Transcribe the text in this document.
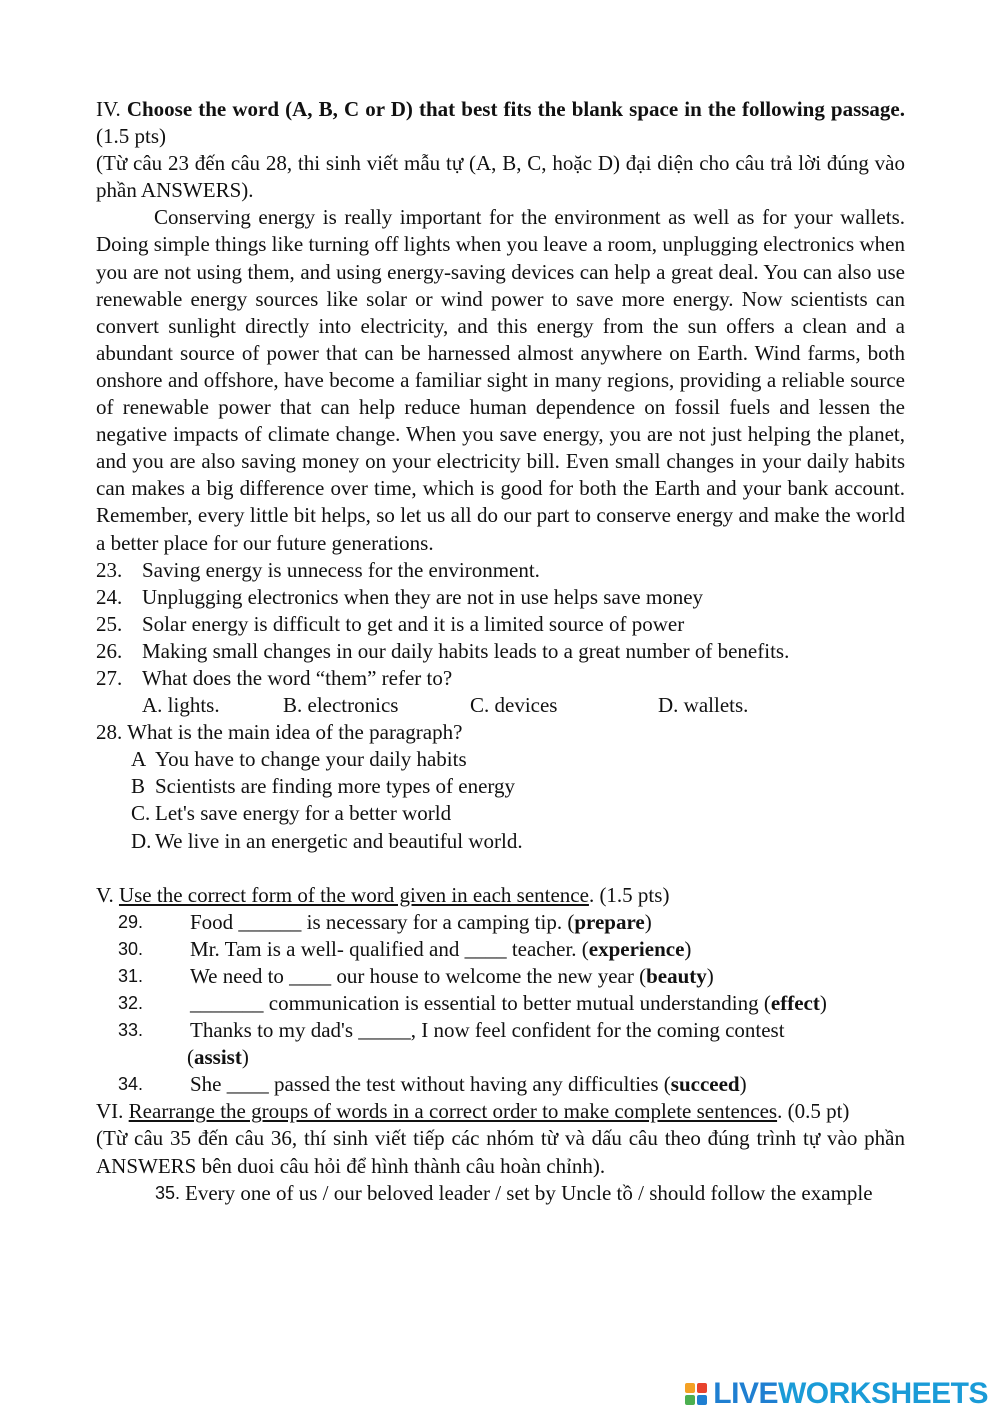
IV. Choose the word (A, B, C or D) that best fits the blank space in the following passage. (1.5 pts)

(Từ câu 23 đến câu 28, thi sinh viết mẫu tự (A, B, C, hoặc D) đại diện cho câu trả lời đúng vào phần ANSWERS).

Conserving energy is really important for the environment as well as for your wallets. Doing simple things like turning off lights when you leave a room, unplugging electronics when you are not using them, and using energy-saving devices can help a great deal. You can also use renewable energy sources like solar or wind power to save more energy. Now scientists can convert sunlight directly into electricity, and this energy from the sun offers a clean and a abundant source of power that can be harnessed almost anywhere on Earth. Wind farms, both onshore and offshore, have become a familiar sight in many regions, providing a reliable source of renewable power that can help reduce human dependence on fossil fuels and lessen the negative impacts of climate change. When you save energy, you are not just helping the planet, and you are also saving money on your electricity bill. Even small changes in your daily habits can makes a big difference over time, which is good for both the Earth and your bank account. Remember, every little bit helps, so let us all do our part to conserve energy and make the world a better place for our future generations.

23. Saving energy is unnecess for the environment.
24. Unplugging electronics when they are not in use helps save money
25. Solar energy is difficult to get and it is a limited source of power
26. Making small changes in our daily habits leads to a great number of benefits.
27. What does the word “them” refer to?
A. lights.	B. electronics	C. devices	D. wallets.

28. What is the main idea of the paragraph?

A You have to change your daily habits
B Scientists are finding more types of energy
C. Let's save energy for a better world
D. We live in an energetic and beautiful world.

V. Use the correct form of the word given in each sentence. (1.5 pts)

29. Food ______ is necessary for a camping tip. (prepare)
30. Mr. Tam is a well- qualified and ____ teacher. (experience)
31. We need to ____ our house to welcome the new year (beauty)
32. _______ communication is essential to better mutual understanding (effect)
33. Thanks to my dad's _____, I now feel confident for the coming contest
(assist)
34. She ____ passed the test without having any difficulties (succeed)

VI. Rearrange the groups of words in a correct order to make complete sentences. (0.5 pt)

(Từ câu 35 đến câu 36, thí sinh viết tiếp các nhóm từ và dấu câu theo đúng trình tự vào phần ANSWERS bên duoi câu hỏi để hình thành câu hoàn chỉnh).

35. Every one of us / our beloved leader / set by Uncle tồ / should follow the example
LIVE WORKSHEETS
